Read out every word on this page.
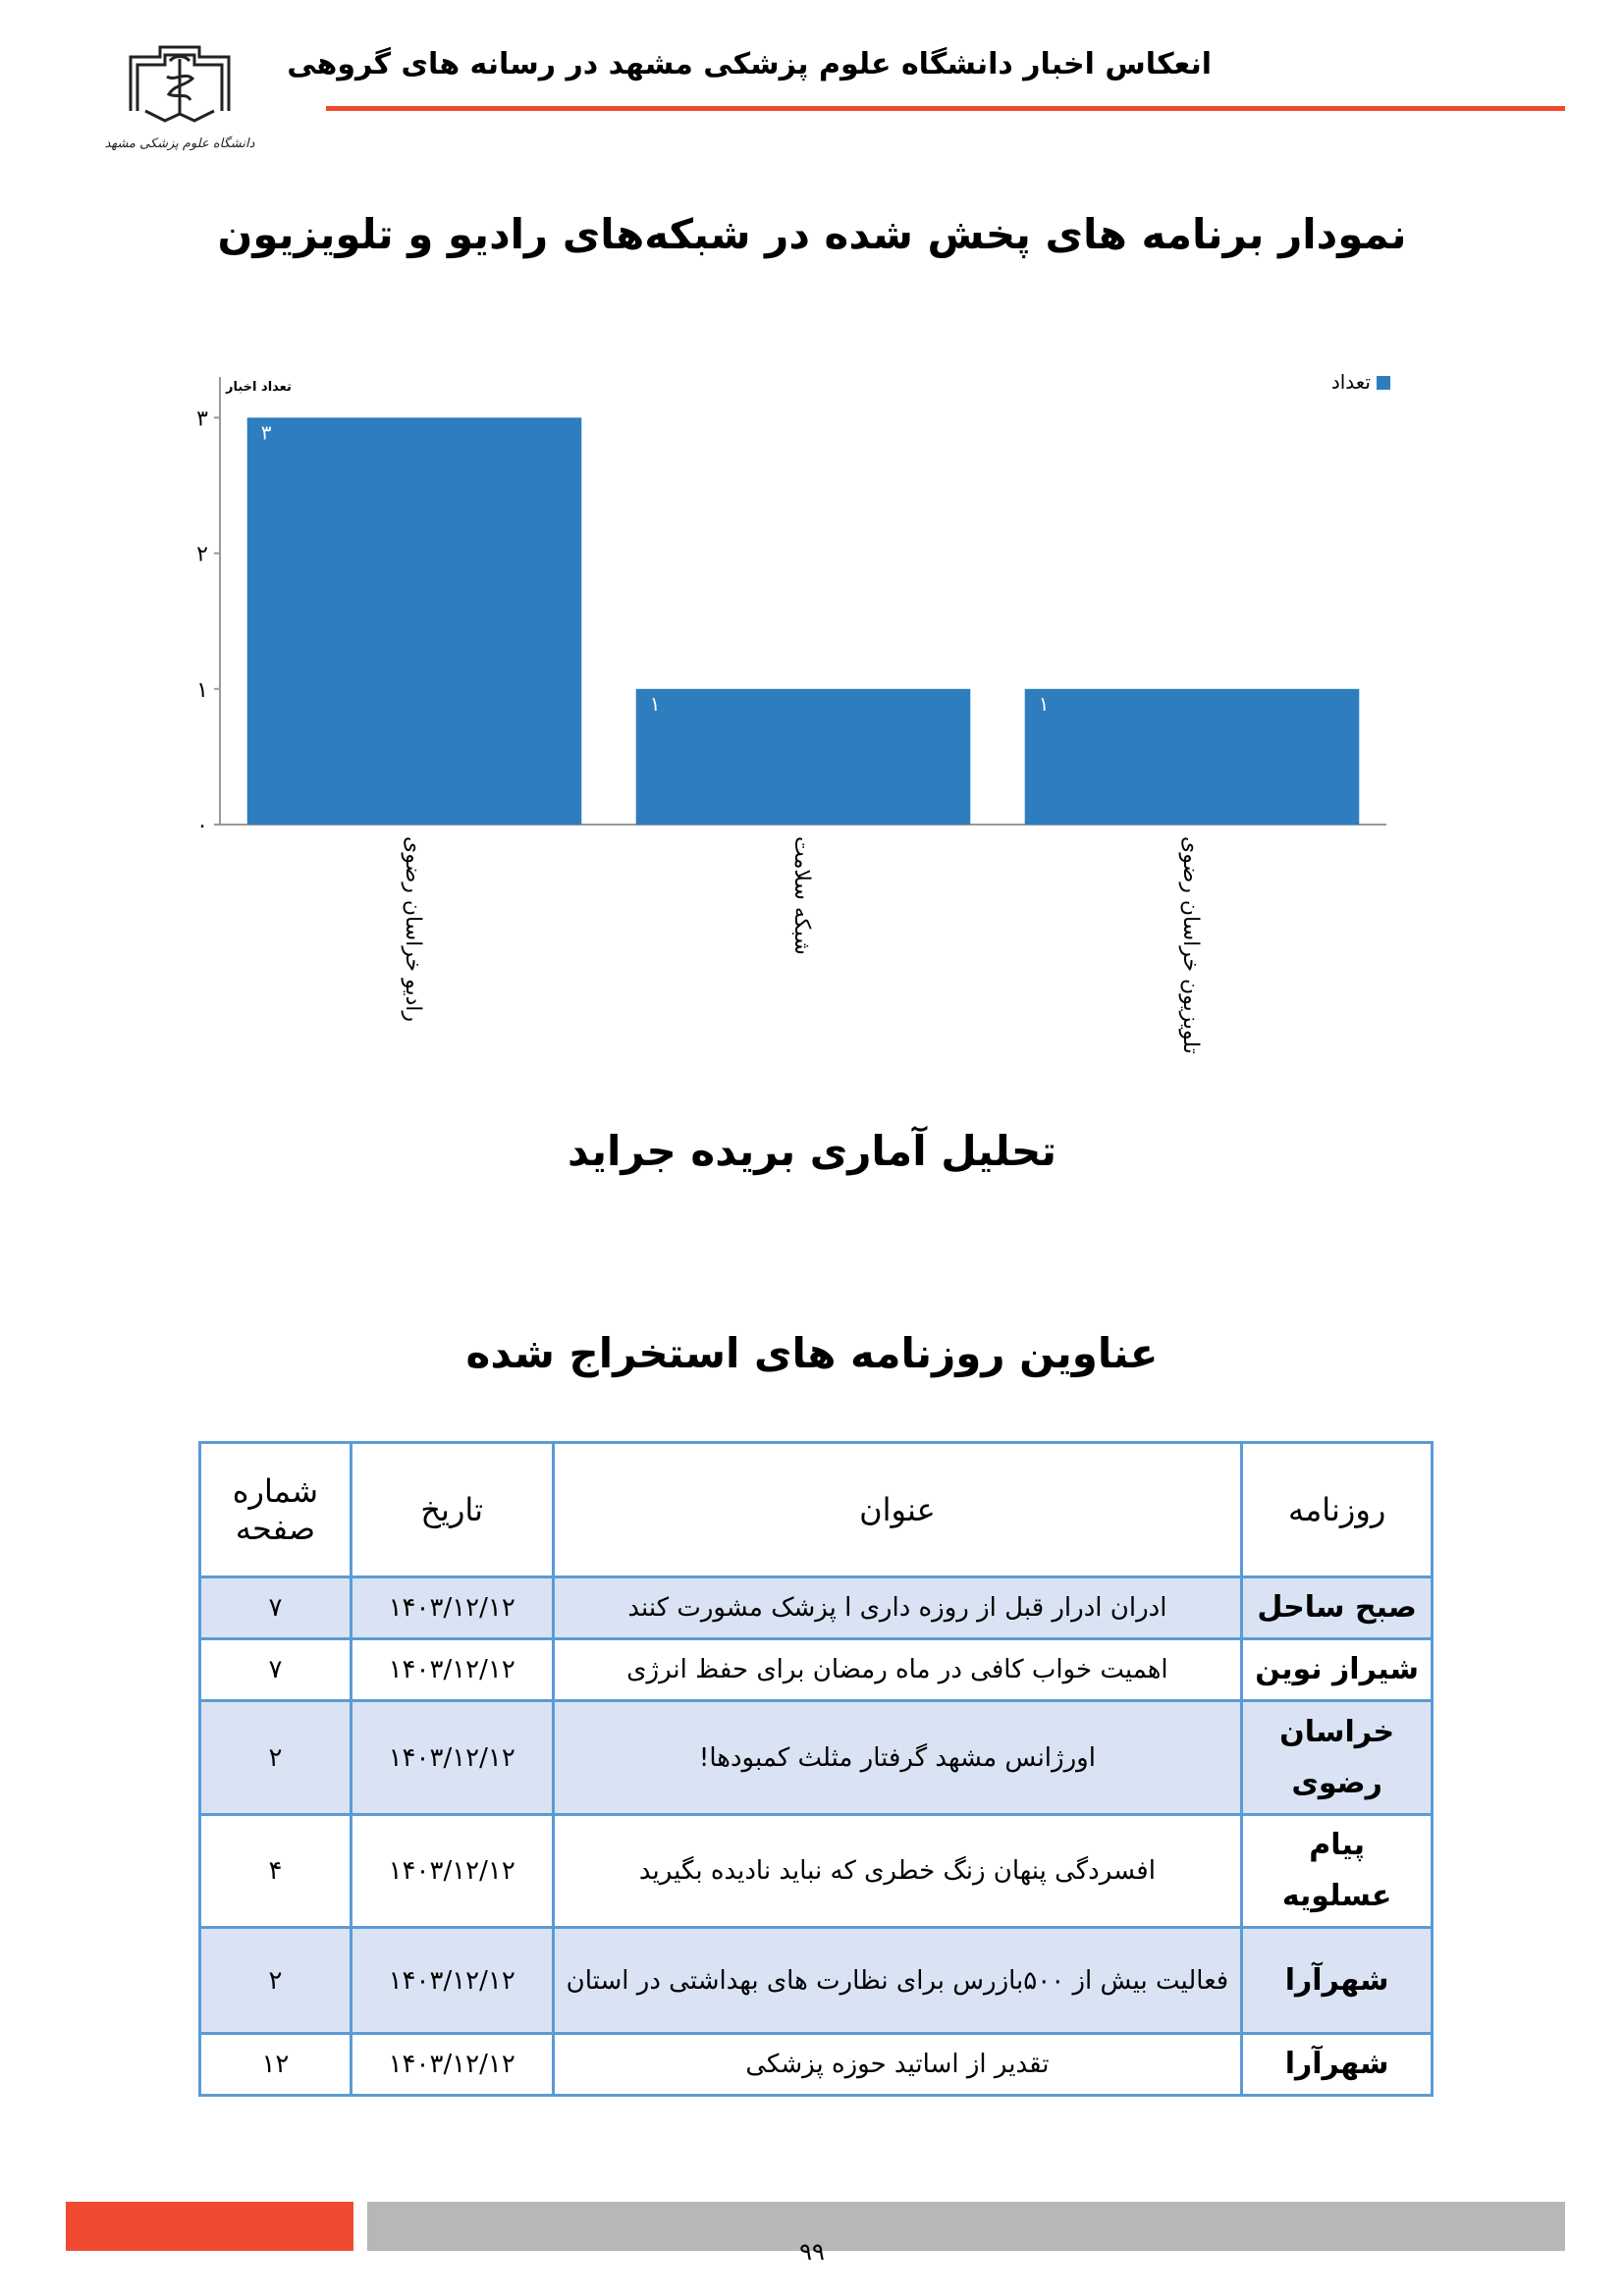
دانشگاه علوم پزشکی مشهد
انعکاس اخبار دانشگاه علوم پزشکی مشهد در رسانه های گروهی
نمودار برنامه های پخش شده در شبکه‌های رادیو و تلویزیون
۰
۱
۲
۳
تعداد اخبار	تعداد
۳
رادیو خراسان رضوی
۱
شبکه سلامت
۱
تلویزیون خراسان رضوی
تحلیل آماری بریده جراید
عناوین روزنامه های استخراج شده
روزنامه	عنوان	تاریخ	شماره
صفحه
صبح ساحل	ادران ادرار قبل از روزه داری ا پزشک مشورت کنند	۱۴۰۳/۱۲/۱۲	۷
شیراز نوین	اهمیت خواب کافی در ماه رمضان برای حفظ انرژی	۱۴۰۳/۱۲/۱۲	۷
خراسان رضوی	اورژانس مشهد گرفتار مثلث کمبودها!	۱۴۰۳/۱۲/۱۲	۲
پیام عسلویه	افسردگی پنهان زنگ خطری که نباید نادیده بگیرید	۱۴۰۳/۱۲/۱۲	۴
شهرآرا	فعالیت بیش از ۵۰۰بازرس برای نظارت های بهداشتی در استان	۱۴۰۳/۱۲/۱۲	۲
شهرآرا	تقدیر از اساتید حوزه پزشکی	۱۴۰۳/۱۲/۱۲	۱۲
۹۹
